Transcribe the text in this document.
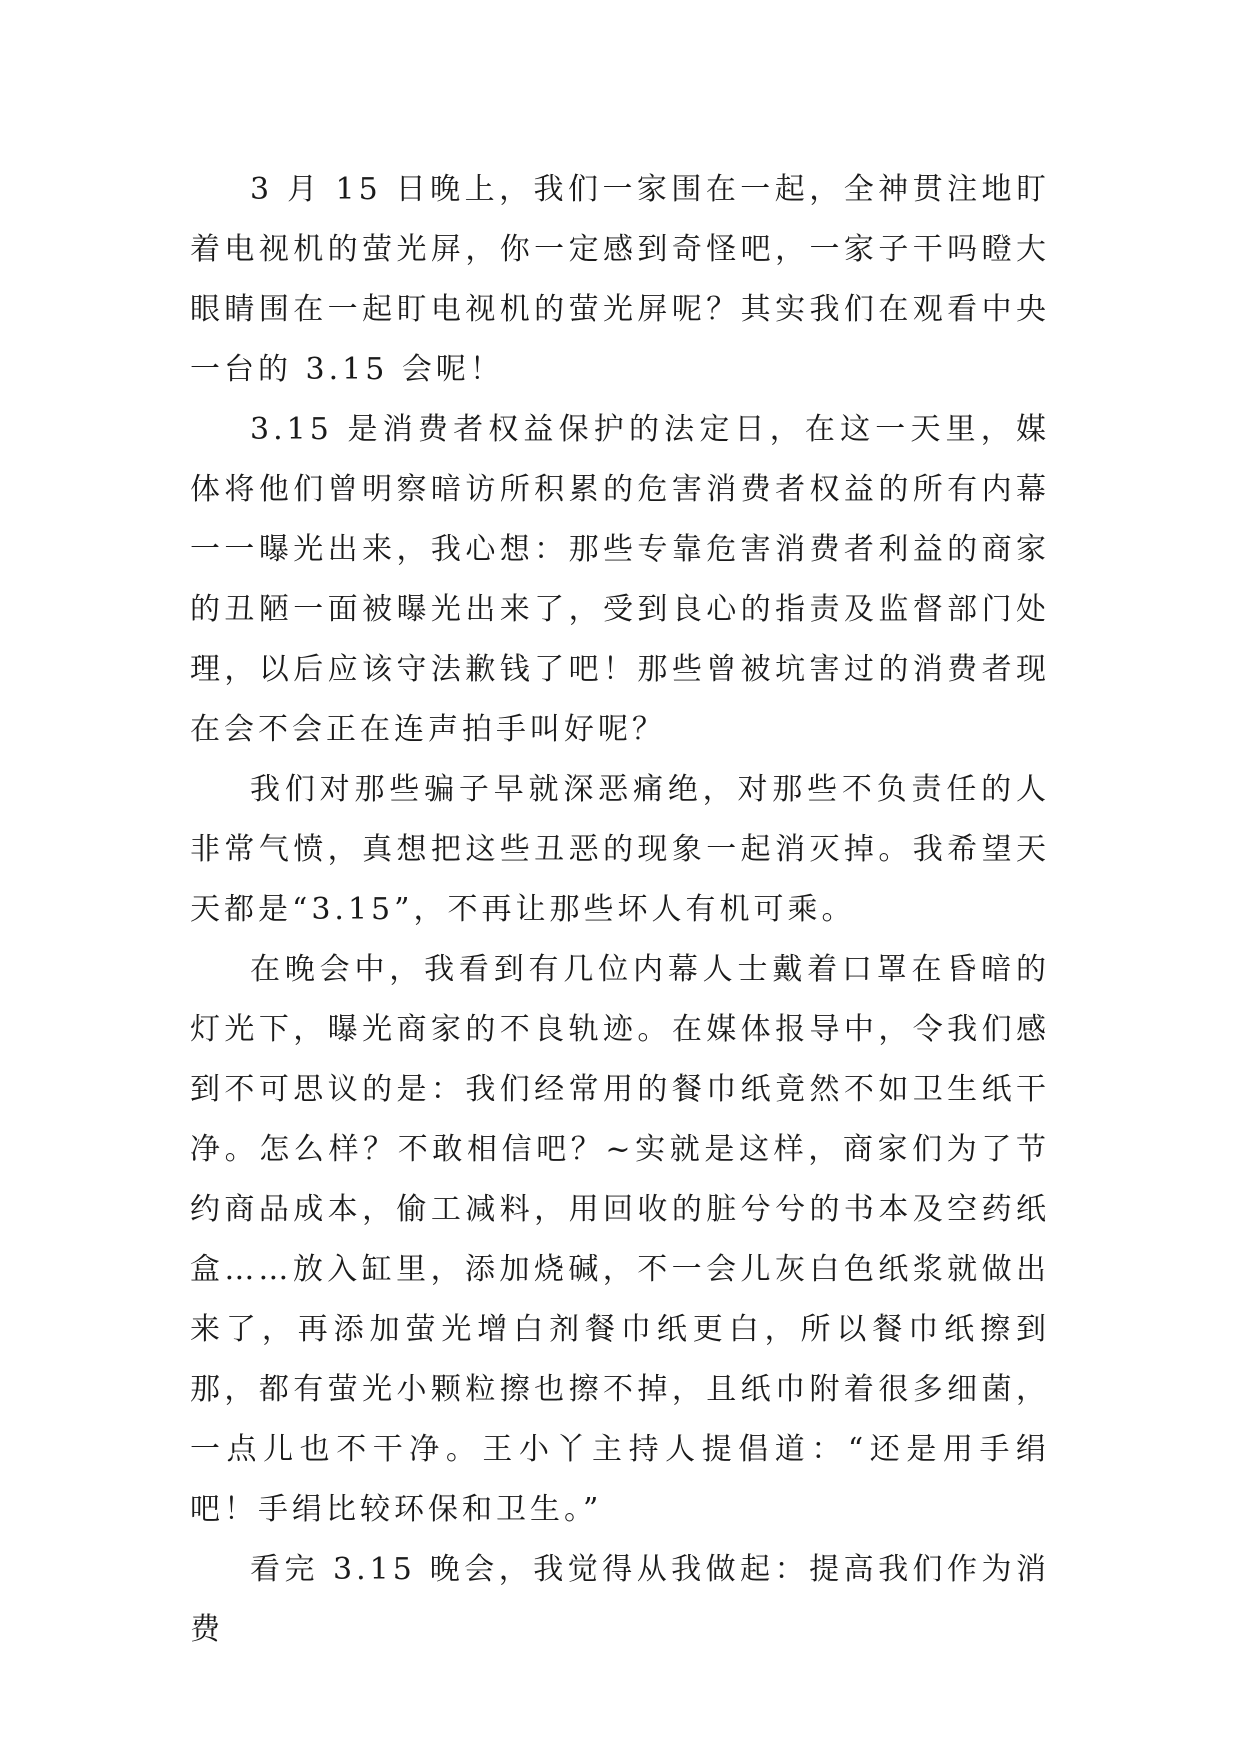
3 月 15 日晚上，我们一家围在一起，全神贯注地盯着电视机的萤光屏，你一定感到奇怪吧，一家子干吗瞪大眼睛围在一起盯电视机的萤光屏呢？其实我们在观看中央一台的 3.15 会呢！

3.15 是消费者权益保护的法定日，在这一天里，媒体将他们曾明察暗访所积累的危害消费者权益的所有内幕一一曝光出来，我心想：那些专靠危害消费者利益的商家的丑陋一面被曝光出来了，受到良心的指责及监督部门处理，以后应该守法歉钱了吧！那些曾被坑害过的消费者现在会不会正在连声拍手叫好呢？

我们对那些骗子早就深恶痛绝，对那些不负责任的人非常气愤，真想把这些丑恶的现象一起消灭掉。我希望天天都是“3.15”，不再让那些坏人有机可乘。

在晚会中，我看到有几位内幕人士戴着口罩在昏暗的灯光下，曝光商家的不良轨迹。在媒体报导中，令我们感到不可思议的是：我们经常用的餐巾纸竟然不如卫生纸干净。怎么样？不敢相信吧？~实就是这样，商家们为了节约商品成本，偷工减料，用回收的脏兮兮的书本及空药纸盒……放入缸里，添加烧碱，不一会儿灰白色纸浆就做出来了，再添加萤光增白剂餐巾纸更白，所以餐巾纸擦到那，都有萤光小颗粒擦也擦不掉，且纸巾附着很多细菌，一点儿也不干净。王小丫主持人提倡道：“还是用手绢吧！手绢比较环保和卫生。”

看完 3.15 晚会，我觉得从我做起：提高我们作为消费
